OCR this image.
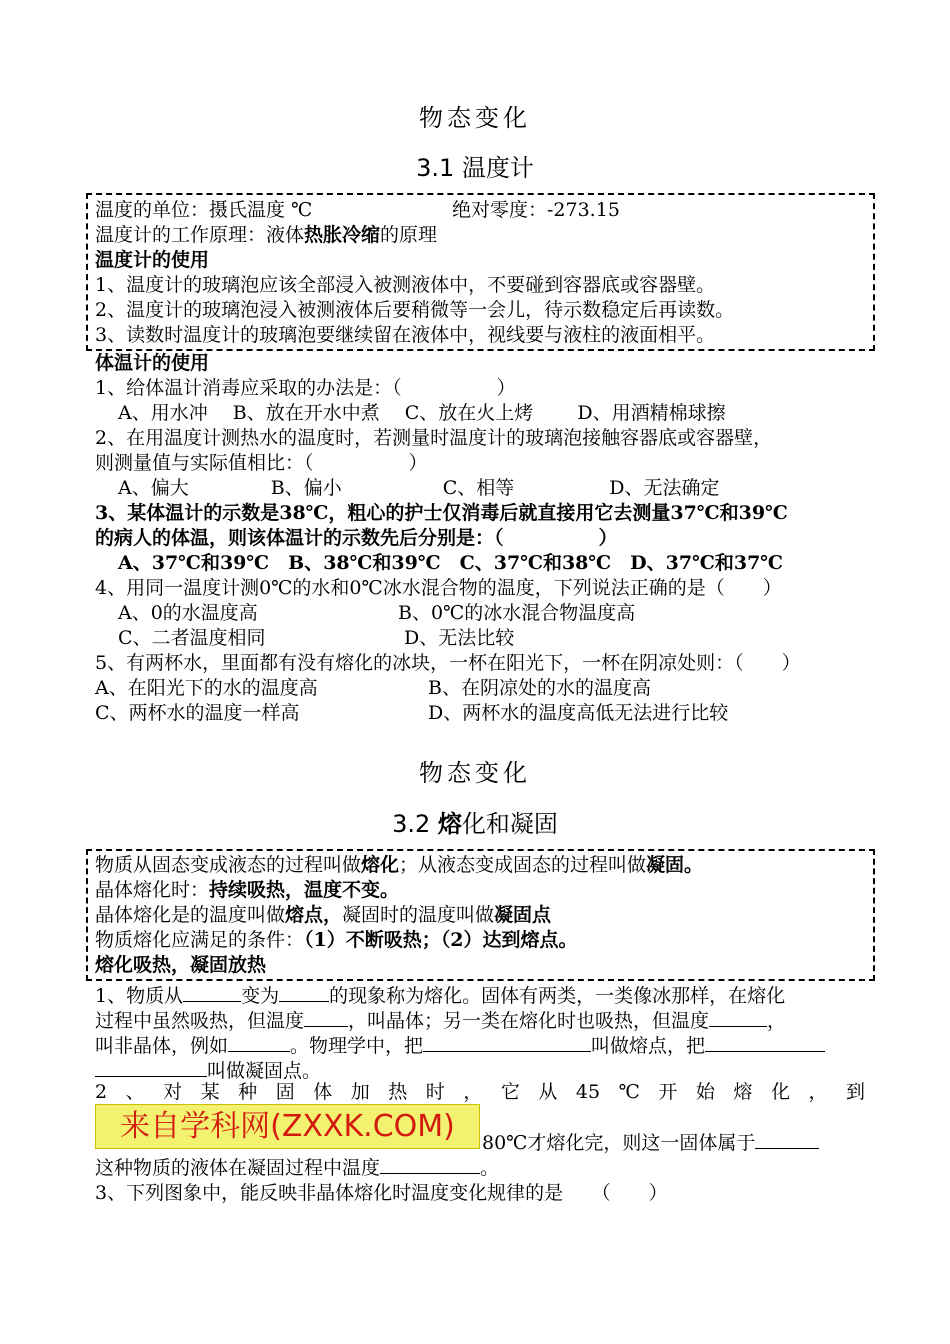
物态变化
3.1 温度计
温度的单位：摄氏温度 ℃	绝对零度：-273.15
温度计的工作原理：液体热胀冷缩的原理
温度计的使用
1、温度计的玻璃泡应该全部浸入被测液体中，不要碰到容器底或容器壁。
2、温度计的玻璃泡浸入被测液体后要稍微等一会儿，待示数稳定后再读数。
3、读数时温度计的玻璃泡要继续留在液体中，视线要与液柱的液面相平。
体温计的使用
1、给体温计消毒应采取的办法是：（　　　　　）
A、用水冲　 B、放在开水中煮　 C、放在火上烤　　 D、用酒精棉球擦
2、在用温度计测热水的温度时，若测量时温度计的玻璃泡接触容器底或容器壁，
则测量值与实际值相比：（　　　　　）
A、偏大　　　　 B、偏小　　　　　 C、相等　　　　　D、无法确定
3、某体温计的示数是38℃，粗心的护士仅消毒后就直接用它去测量37℃和39℃
的病人的体温，则该体温计的示数先后分别是：（　　　　　）
A、37℃和39℃　B、38℃和39℃　C、37℃和38℃　D、37℃和37℃
4、用同一温度计测0℃的水和0℃冰水混合物的温度，下列说法正确的是（　　）
A、0的水温度高	B、0℃的冰水混合物温度高
C、二者温度相同	D、无法比较
5、有两杯水，里面都有没有熔化的冰块，一杯在阳光下，一杯在阴凉处则：（　　）
A、在阳光下的水的温度高	B、在阴凉处的水的温度高
C、两杯水的温度一样高	D、两杯水的温度高低无法进行比较
物态变化
3.2 熔化和凝固
物质从固态变成液态的过程叫做熔化；从液态变成固态的过程叫做凝固。
晶体熔化时：持续吸热，温度不变。
晶体熔化是的温度叫做熔点，凝固时的温度叫做凝固点
物质熔化应满足的条件：（1）不断吸热；（2）达到熔点。
熔化吸热，凝固放热
1、物质从	变为	的现象称为熔化。固体有两类，一类像冰那样，在熔化
过程中虽然吸热，但温度 ，叫晶体；另一类在熔化时也吸热，但温度	，
叫非晶体，例如	。物理学中，把	叫做熔点，把
叫做凝固点。
2、对某种固体加热时，它从45℃开始熔化，到
来自学科网(ZXXK.COM)	80℃才熔化完，则这一固体属于
这种物质的液体在凝固过程中温度	。
3、下列图象中，能反映非晶体熔化时温度变化规律的是　　（　　）
